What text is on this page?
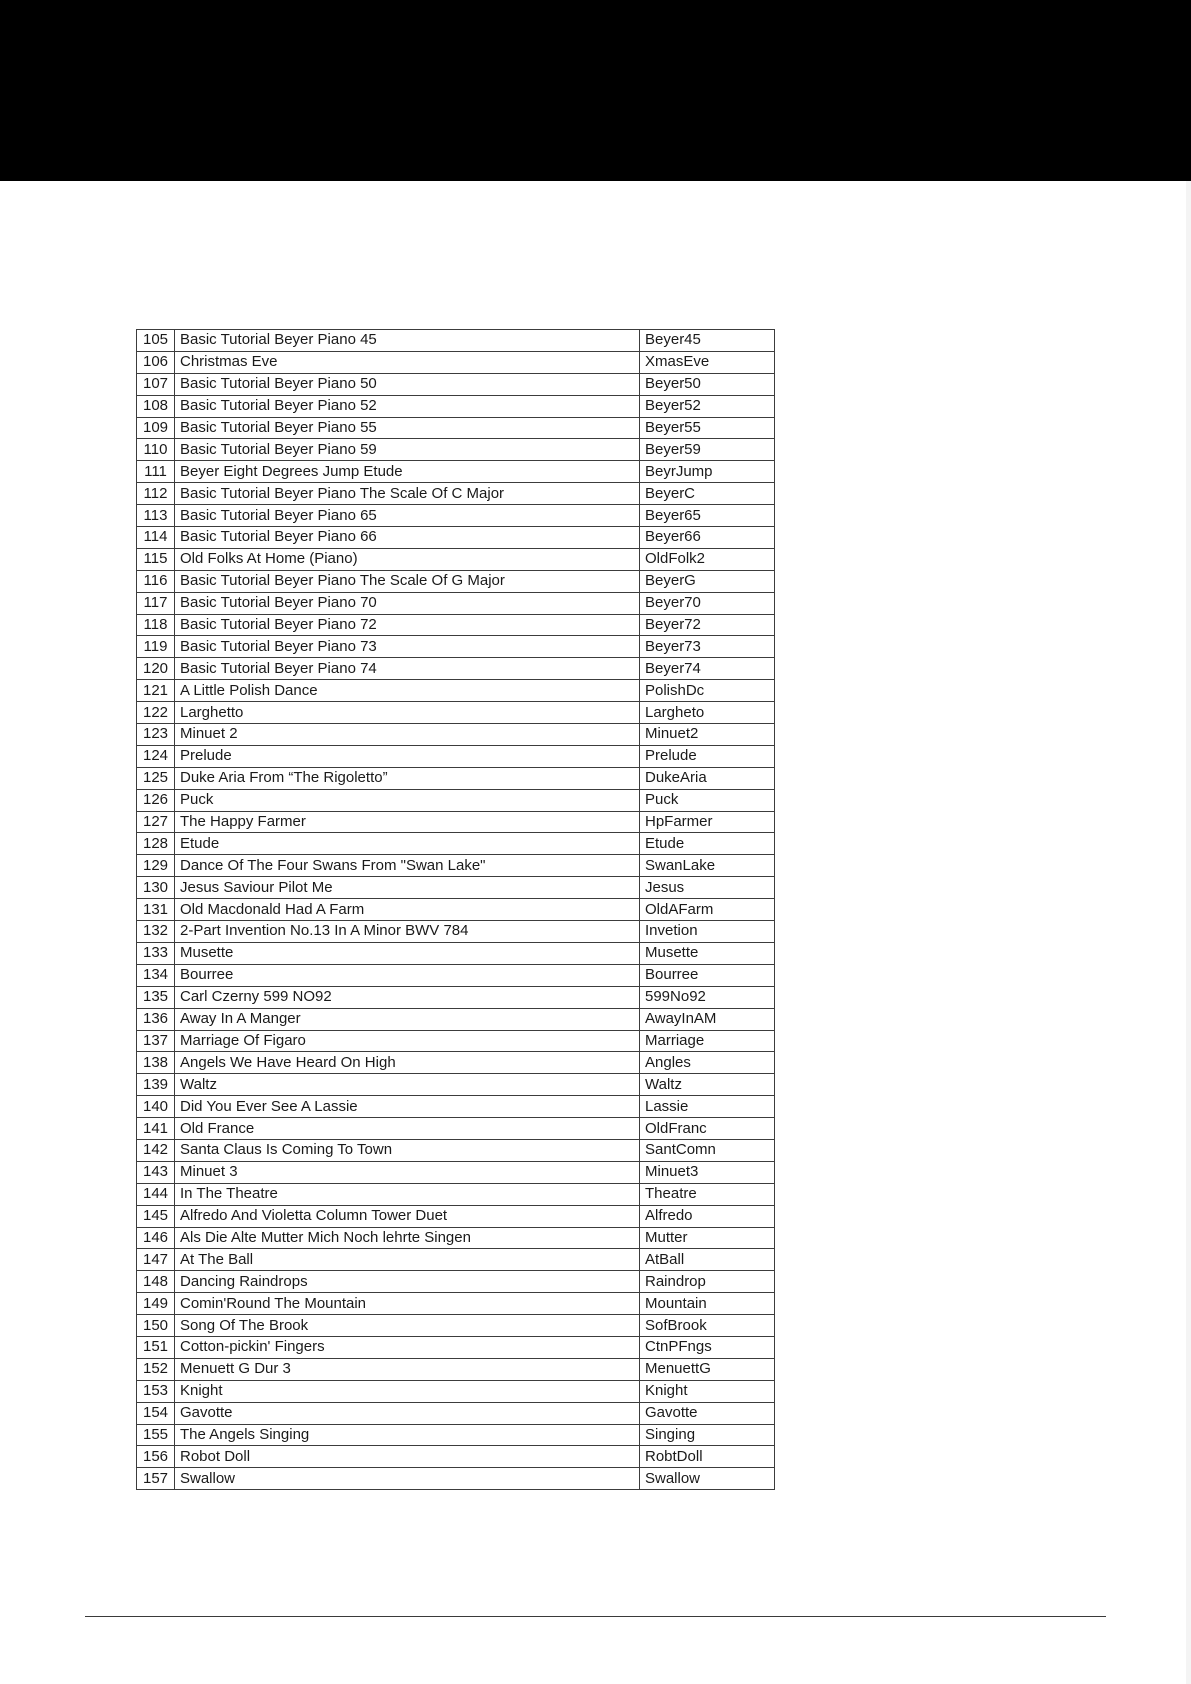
105	Basic Tutorial Beyer Piano 45	Beyer45
106	Christmas Eve	XmasEve
107	Basic Tutorial Beyer Piano 50	Beyer50
108	Basic Tutorial Beyer Piano 52	Beyer52
109	Basic Tutorial Beyer Piano 55	Beyer55
110	Basic Tutorial Beyer Piano 59	Beyer59
111	Beyer Eight Degrees Jump Etude	BeyrJump
112	Basic Tutorial Beyer Piano The Scale Of C Major	BeyerC
113	Basic Tutorial Beyer Piano 65	Beyer65
114	Basic Tutorial Beyer Piano 66	Beyer66
115	Old Folks At Home (Piano)	OldFolk2
116	Basic Tutorial Beyer Piano The Scale Of G Major	BeyerG
117	Basic Tutorial Beyer Piano 70	Beyer70
118	Basic Tutorial Beyer Piano 72	Beyer72
119	Basic Tutorial Beyer Piano 73	Beyer73
120	Basic Tutorial Beyer Piano 74	Beyer74
121	A Little Polish Dance	PolishDc
122	Larghetto	Largheto
123	Minuet 2	Minuet2
124	Prelude	Prelude
125	Duke Aria From “The Rigoletto”	DukeAria
126	Puck	Puck
127	The Happy Farmer	HpFarmer
128	Etude	Etude
129	Dance Of The Four Swans From "Swan Lake"	SwanLake
130	Jesus Saviour Pilot Me	Jesus
131	Old Macdonald Had A Farm	OldAFarm
132	2-Part Invention No.13 In A Minor BWV 784	Invetion
133	Musette	Musette
134	Bourree	Bourree
135	Carl Czerny 599 NO92	599No92
136	Away In A Manger	AwayInAM
137	Marriage Of Figaro	Marriage
138	Angels We Have Heard On High	Angles
139	Waltz	Waltz
140	Did You Ever See A Lassie	Lassie
141	Old France	OldFranc
142	Santa Claus Is Coming To Town	SantComn
143	Minuet 3	Minuet3
144	In The Theatre	Theatre
145	Alfredo And Violetta Column Tower Duet	Alfredo
146	Als Die Alte Mutter Mich Noch lehrte Singen	Mutter
147	At The Ball	AtBall
148	Dancing Raindrops	Raindrop
149	Comin'Round The Mountain	Mountain
150	Song Of The Brook	SofBrook
151	Cotton-pickin' Fingers	CtnPFngs
152	Menuett G Dur 3	MenuettG
153	Knight	Knight
154	Gavotte	Gavotte
155	The Angels Singing	Singing
156	Robot Doll	RobtDoll
157	Swallow	Swallow
